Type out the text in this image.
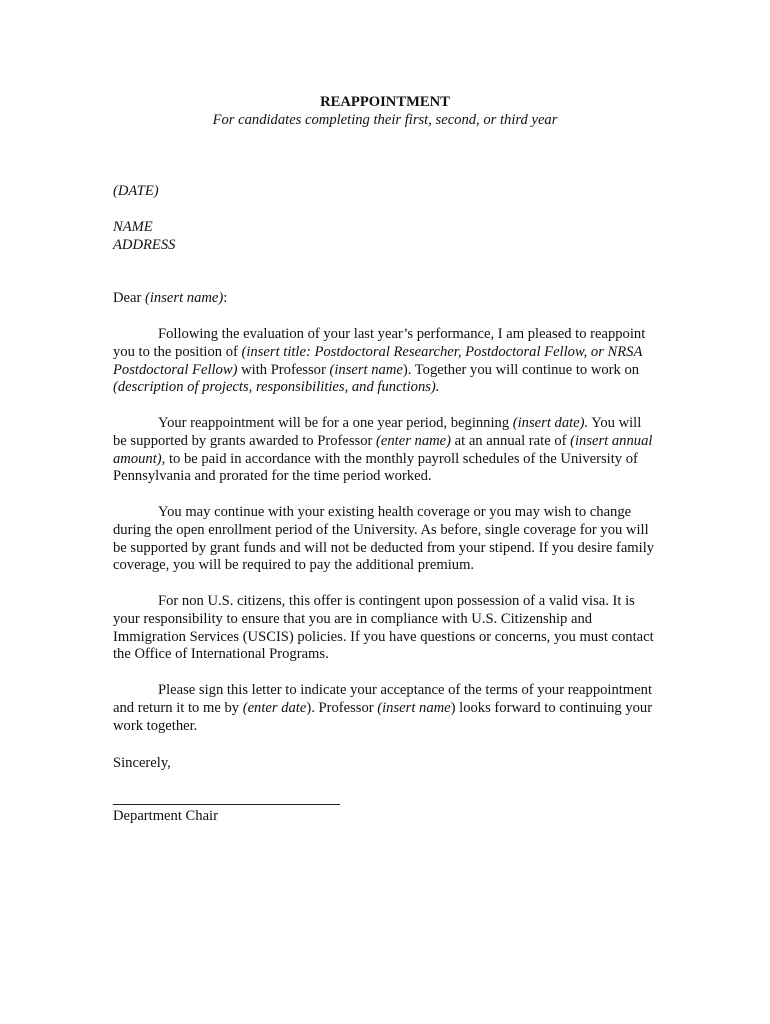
REAPPOINTMENT
For candidates completing their first, second, or third year

(DATE)

NAME
ADDRESS

Dear (insert name):

Following the evaluation of your last year’s performance, I am pleased to reappoint you to the position of (insert title: Postdoctoral Researcher, Postdoctoral Fellow, or NRSA Postdoctoral Fellow) with Professor (insert name). Together you will continue to work on (description of projects, responsibilities, and functions).

Your reappointment will be for a one year period, beginning (insert date). You will be supported by grants awarded to Professor (enter name) at an annual rate of (insert annual amount), to be paid in accordance with the monthly payroll schedules of the University of Pennsylvania and prorated for the time period worked.

You may continue with your existing health coverage or you may wish to change during the open enrollment period of the University. As before, single coverage for you will be supported by grant funds and will not be deducted from your stipend. If you desire family coverage, you will be required to pay the additional premium.

For non U.S. citizens, this offer is contingent upon possession of a valid visa. It is your responsibility to ensure that you are in compliance with U.S. Citizenship and Immigration Services (USCIS) policies. If you have questions or concerns, you must contact the Office of International Programs.

Please sign this letter to indicate your acceptance of the terms of your reappointment and return it to me by (enter date). Professor (insert name) looks forward to continuing your work together.

Sincerely,

Department Chair
